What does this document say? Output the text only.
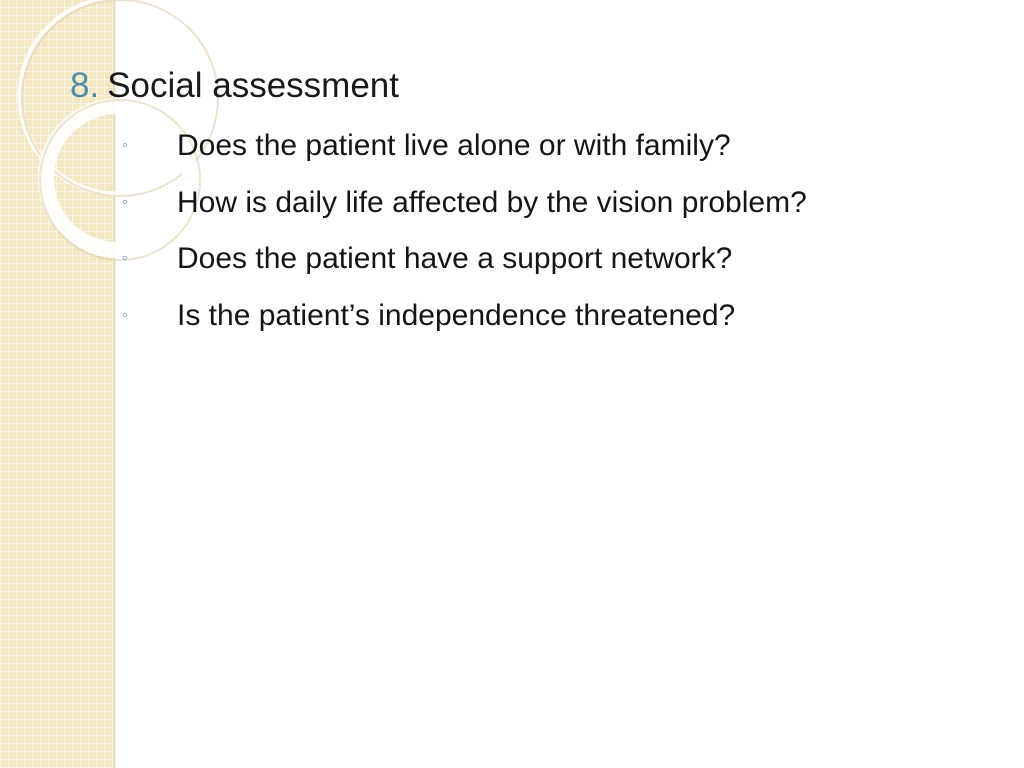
8. Social assessment
◦	Does the patient live alone or with family?
◦	How is daily life affected by the vision problem?
◦	Does the patient have a support network?
◦	Is the patient’s independence threatened?
